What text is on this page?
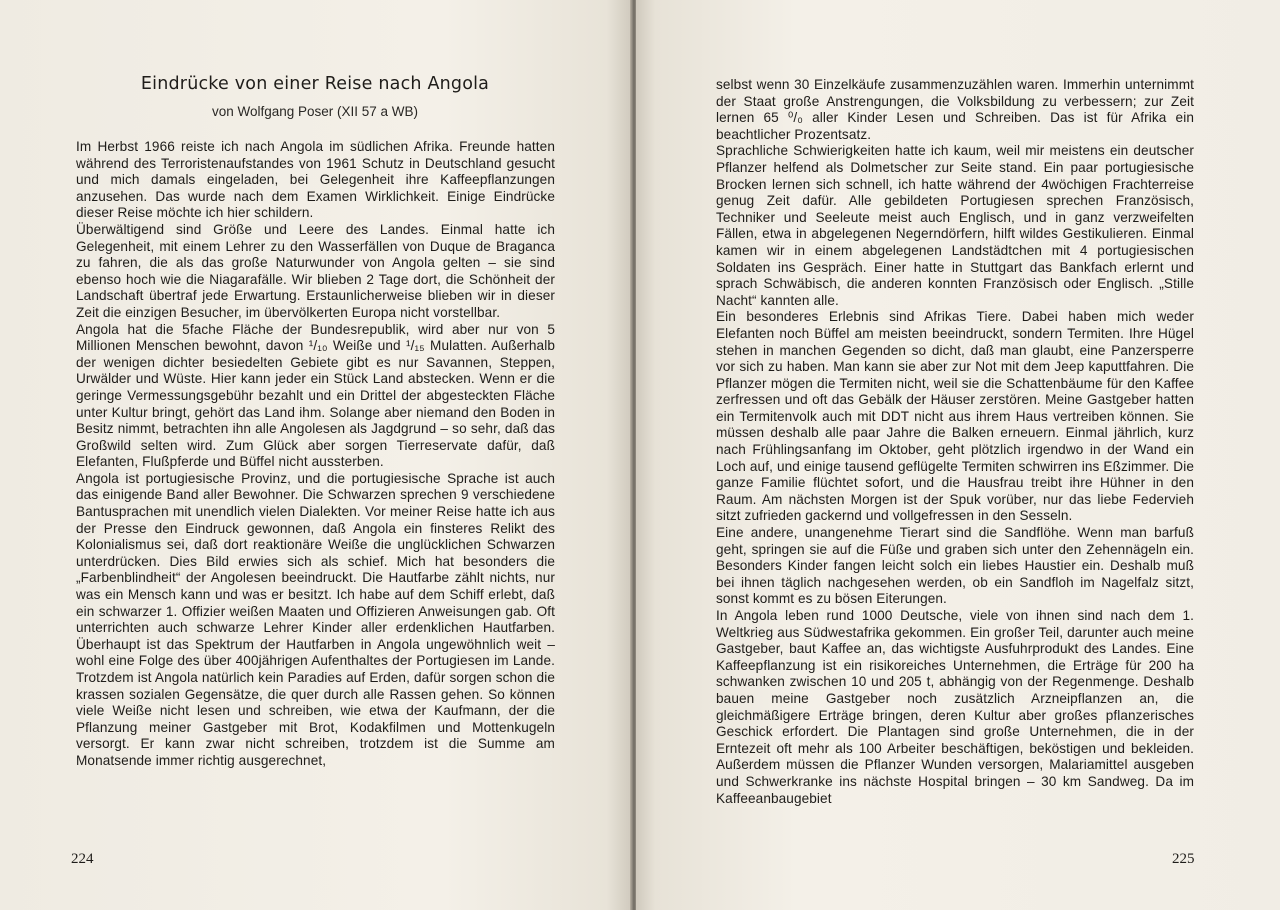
Eindrücke von einer Reise nach Angola
von Wolfgang Poser (XII 57 a WB)

Im Herbst 1966 reiste ich nach Angola im südlichen Afrika. Freunde hatten während des Terroristenaufstandes von 1961 Schutz in Deutschland gesucht und mich damals eingeladen, bei Gelegenheit ihre Kaffeepflanzungen anzusehen. Das wurde nach dem Examen Wirklichkeit. Einige Eindrücke dieser Reise möchte ich hier schildern.

Überwältigend sind Größe und Leere des Landes. Einmal hatte ich Gelegenheit, mit einem Lehrer zu den Wasserfällen von Duque de Braganca zu fahren, die als das große Naturwunder von Angola gelten – sie sind ebenso hoch wie die Niagarafälle. Wir blieben 2 Tage dort, die Schönheit der Landschaft übertraf jede Erwartung. Erstaunlicherweise blieben wir in dieser Zeit die einzigen Besucher, im übervölkerten Europa nicht vorstellbar.

Angola hat die 5fache Fläche der Bundesrepublik, wird aber nur von 5 Millionen Menschen bewohnt, davon ¹/₁₀ Weiße und ¹/₁₅ Mulatten. Außerhalb der wenigen dichter besiedelten Gebiete gibt es nur Savannen, Steppen, Urwälder und Wüste. Hier kann jeder ein Stück Land abstecken. Wenn er die geringe Vermessungsgebühr bezahlt und ein Drittel der abgesteckten Fläche unter Kultur bringt, gehört das Land ihm. Solange aber niemand den Boden in Besitz nimmt, betrachten ihn alle Angolesen als Jagdgrund – so sehr, daß das Großwild selten wird. Zum Glück aber sorgen Tierreservate dafür, daß Elefanten, Flußpferde und Büffel nicht aussterben.

Angola ist portugiesische Provinz, und die portugiesische Sprache ist auch das einigende Band aller Bewohner. Die Schwarzen sprechen 9 verschiedene Bantusprachen mit unendlich vielen Dialekten. Vor meiner Reise hatte ich aus der Presse den Eindruck gewonnen, daß Angola ein finsteres Relikt des Kolonialismus sei, daß dort reaktionäre Weiße die unglücklichen Schwarzen unterdrücken. Dies Bild erwies sich als schief. Mich hat besonders die „Farbenblindheit“ der Angolesen beeindruckt. Die Hautfarbe zählt nichts, nur was ein Mensch kann und was er besitzt. Ich habe auf dem Schiff erlebt, daß ein schwarzer 1. Offizier weißen Maaten und Offizieren Anweisungen gab. Oft unterrichten auch schwarze Lehrer Kinder aller erdenklichen Hautfarben. Überhaupt ist das Spektrum der Hautfarben in Angola ungewöhnlich weit – wohl eine Folge des über 400jährigen Aufenthaltes der Portugiesen im Lande. Trotzdem ist Angola natürlich kein Paradies auf Erden, dafür sorgen schon die krassen sozialen Gegensätze, die quer durch alle Rassen gehen. So können viele Weiße nicht lesen und schreiben, wie etwa der Kaufmann, der die Pflanzung meiner Gastgeber mit Brot, Kodakfilmen und Mottenkugeln versorgt. Er kann zwar nicht schreiben, trotzdem ist die Summe am Monatsende immer richtig ausgerechnet,

224

selbst wenn 30 Einzelkäufe zusammenzuzählen waren. Immerhin unternimmt der Staat große Anstrengungen, die Volksbildung zu verbessern; zur Zeit lernen 65 ⁰/₀ aller Kinder Lesen und Schreiben. Das ist für Afrika ein beachtlicher Prozentsatz.

Sprachliche Schwierigkeiten hatte ich kaum, weil mir meistens ein deutscher Pflanzer helfend als Dolmetscher zur Seite stand. Ein paar portugiesische Brocken lernen sich schnell, ich hatte während der 4wöchigen Frachterreise genug Zeit dafür. Alle gebildeten Portugiesen sprechen Französisch, Techniker und Seeleute meist auch Englisch, und in ganz verzweifelten Fällen, etwa in abgelegenen Negerndörfern, hilft wildes Gestikulieren. Einmal kamen wir in einem abgelegenen Landstädtchen mit 4 portugiesischen Soldaten ins Gespräch. Einer hatte in Stuttgart das Bankfach erlernt und sprach Schwäbisch, die anderen konnten Französisch oder Englisch. „Stille Nacht“ kannten alle.

Ein besonderes Erlebnis sind Afrikas Tiere. Dabei haben mich weder Elefanten noch Büffel am meisten beeindruckt, sondern Termiten. Ihre Hügel stehen in manchen Gegenden so dicht, daß man glaubt, eine Panzersperre vor sich zu haben. Man kann sie aber zur Not mit dem Jeep kaputtfahren. Die Pflanzer mögen die Termiten nicht, weil sie die Schattenbäume für den Kaffee zerfressen und oft das Gebälk der Häuser zerstören. Meine Gastgeber hatten ein Termitenvolk auch mit DDT nicht aus ihrem Haus vertreiben können. Sie müssen deshalb alle paar Jahre die Balken erneuern. Einmal jährlich, kurz nach Frühlingsanfang im Oktober, geht plötzlich irgendwo in der Wand ein Loch auf, und einige tausend geflügelte Termiten schwirren ins Eßzimmer. Die ganze Familie flüchtet sofort, und die Hausfrau treibt ihre Hühner in den Raum. Am nächsten Morgen ist der Spuk vorüber, nur das liebe Federvieh sitzt zufrieden gackernd und vollgefressen in den Sesseln.

Eine andere, unangenehme Tierart sind die Sandflöhe. Wenn man barfuß geht, springen sie auf die Füße und graben sich unter den Zehennägeln ein. Besonders Kinder fangen leicht solch ein liebes Haustier ein. Deshalb muß bei ihnen täglich nachgesehen werden, ob ein Sandfloh im Nagelfalz sitzt, sonst kommt es zu bösen Eiterungen.

In Angola leben rund 1000 Deutsche, viele von ihnen sind nach dem 1. Weltkrieg aus Südwestafrika gekommen. Ein großer Teil, darunter auch meine Gastgeber, baut Kaffee an, das wichtigste Ausfuhrprodukt des Landes. Eine Kaffeepflanzung ist ein risikoreiches Unternehmen, die Erträge für 200 ha schwanken zwischen 10 und 205 t, abhängig von der Regenmenge. Deshalb bauen meine Gastgeber noch zusätzlich Arzneipflanzen an, die gleichmäßigere Erträge bringen, deren Kultur aber großes pflanzerisches Geschick erfordert. Die Plantagen sind große Unternehmen, die in der Erntezeit oft mehr als 100 Arbeiter beschäftigen, beköstigen und bekleiden. Außerdem müssen die Pflanzer Wunden versorgen, Malariamittel ausgeben und Schwerkranke ins nächste Hospital bringen – 30 km Sandweg. Da im Kaffeeanbaugebiet

225
